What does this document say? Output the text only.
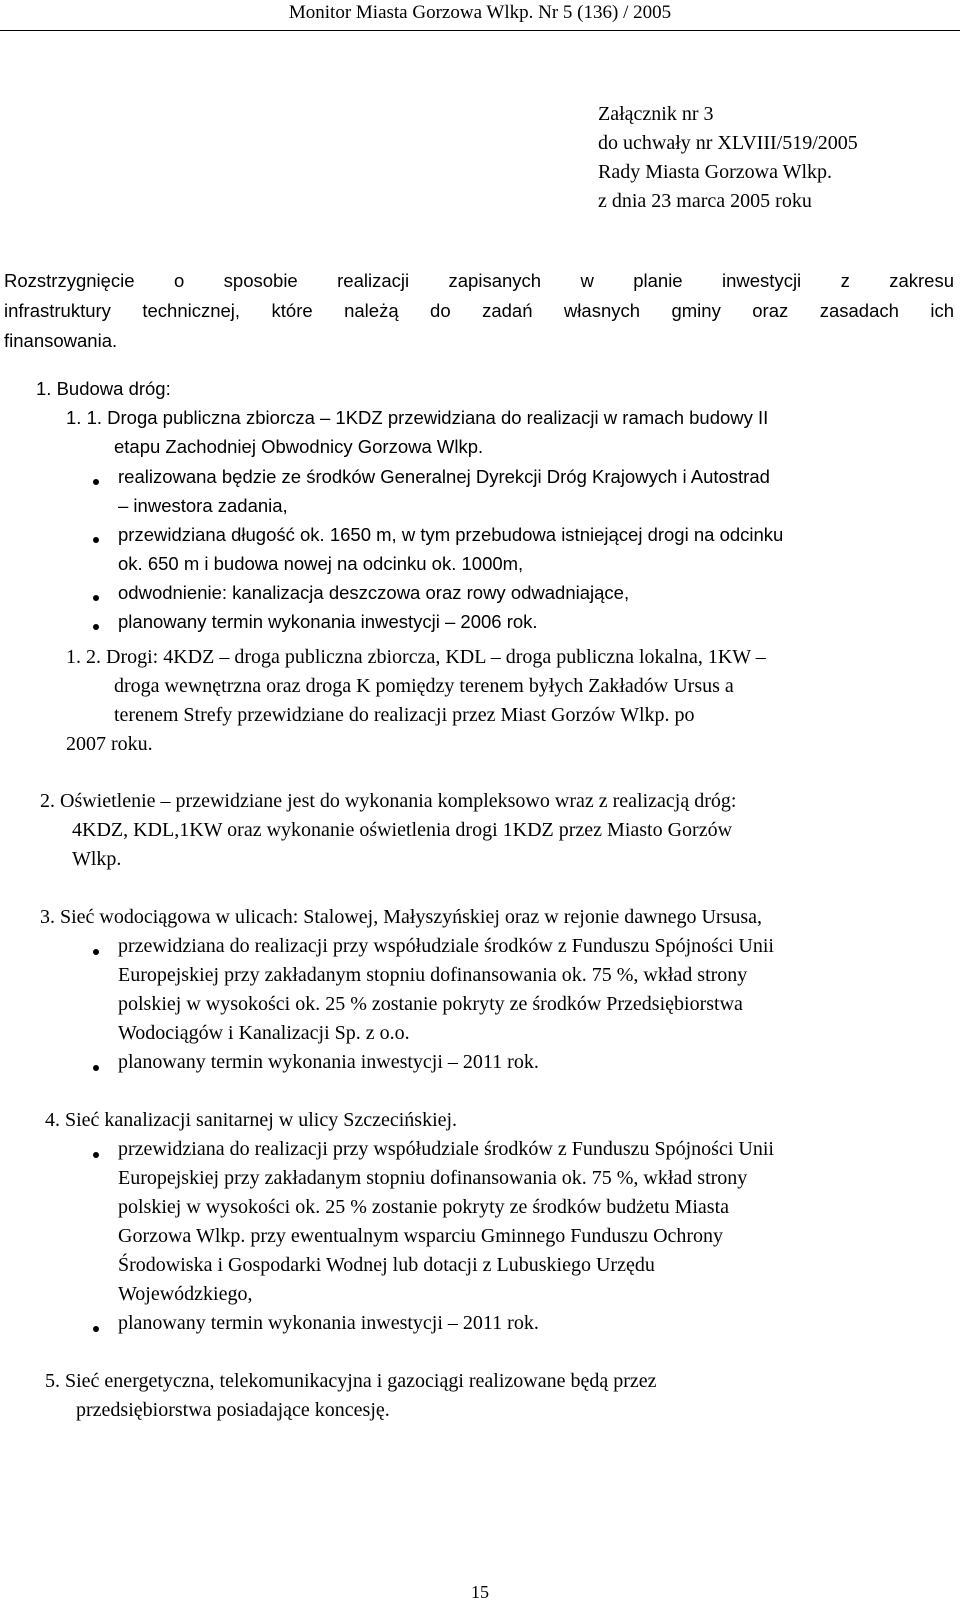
Monitor Miasta Gorzowa Wlkp. Nr 5 (136) / 2005
Załącznik nr 3
do uchwały nr XLVIII/519/2005
Rady Miasta Gorzowa Wlkp.
z dnia 23 marca 2005 roku
Rozstrzygnięcie o sposobie realizacji zapisanych w planie inwestycji z zakresu
infrastruktury technicznej, które należą do zadań własnych gminy oraz zasadach ich
finansowania.
1. Budowa dróg:
1. 1. Droga publiczna zbiorcza – 1KDZ przewidziana do realizacji w ramach budowy II
etapu Zachodniej Obwodnicy Gorzowa Wlkp.
realizowana będzie ze środków Generalnej Dyrekcji Dróg Krajowych i Autostrad
– inwestora zadania,
przewidziana długość ok. 1650 m, w tym przebudowa istniejącej drogi na odcinku
ok. 650 m i budowa nowej na odcinku ok. 1000m,
odwodnienie: kanalizacja deszczowa oraz rowy odwadniające,
planowany termin wykonania inwestycji – 2006 rok.
1. 2. Drogi: 4KDZ – droga publiczna zbiorcza, KDL – droga publiczna lokalna, 1KW –
droga wewnętrzna oraz droga K pomiędzy terenem byłych Zakładów Ursus a
terenem Strefy przewidziane do realizacji przez Miast Gorzów Wlkp. po
2007 roku.
2. Oświetlenie – przewidziane jest do wykonania kompleksowo wraz z realizacją dróg:
4KDZ, KDL,1KW oraz wykonanie oświetlenia drogi 1KDZ przez Miasto Gorzów
Wlkp.
3. Sieć wodociągowa w ulicach: Stalowej, Małyszyńskiej oraz w rejonie dawnego Ursusa,
przewidziana do realizacji przy współudziale środków z Funduszu Spójności Unii
Europejskiej przy zakładanym stopniu dofinansowania ok. 75 %, wkład strony
polskiej w wysokości ok. 25 % zostanie pokryty ze środków Przedsiębiorstwa
Wodociągów i Kanalizacji Sp. z o.o.
planowany termin wykonania inwestycji – 2011 rok.
4. Sieć kanalizacji sanitarnej w ulicy Szczecińskiej.
przewidziana do realizacji przy współudziale środków z Funduszu Spójności Unii
Europejskiej przy zakładanym stopniu dofinansowania ok. 75 %, wkład strony
polskiej w wysokości ok. 25 % zostanie pokryty ze środków budżetu Miasta
Gorzowa Wlkp. przy ewentualnym wsparciu Gminnego Funduszu Ochrony
Środowiska i Gospodarki Wodnej lub dotacji z Lubuskiego Urzędu
Wojewódzkiego,
planowany termin wykonania inwestycji – 2011 rok.
5. Sieć energetyczna, telekomunikacyjna i gazociągi realizowane będą przez
przedsiębiorstwa posiadające koncesję.
15
